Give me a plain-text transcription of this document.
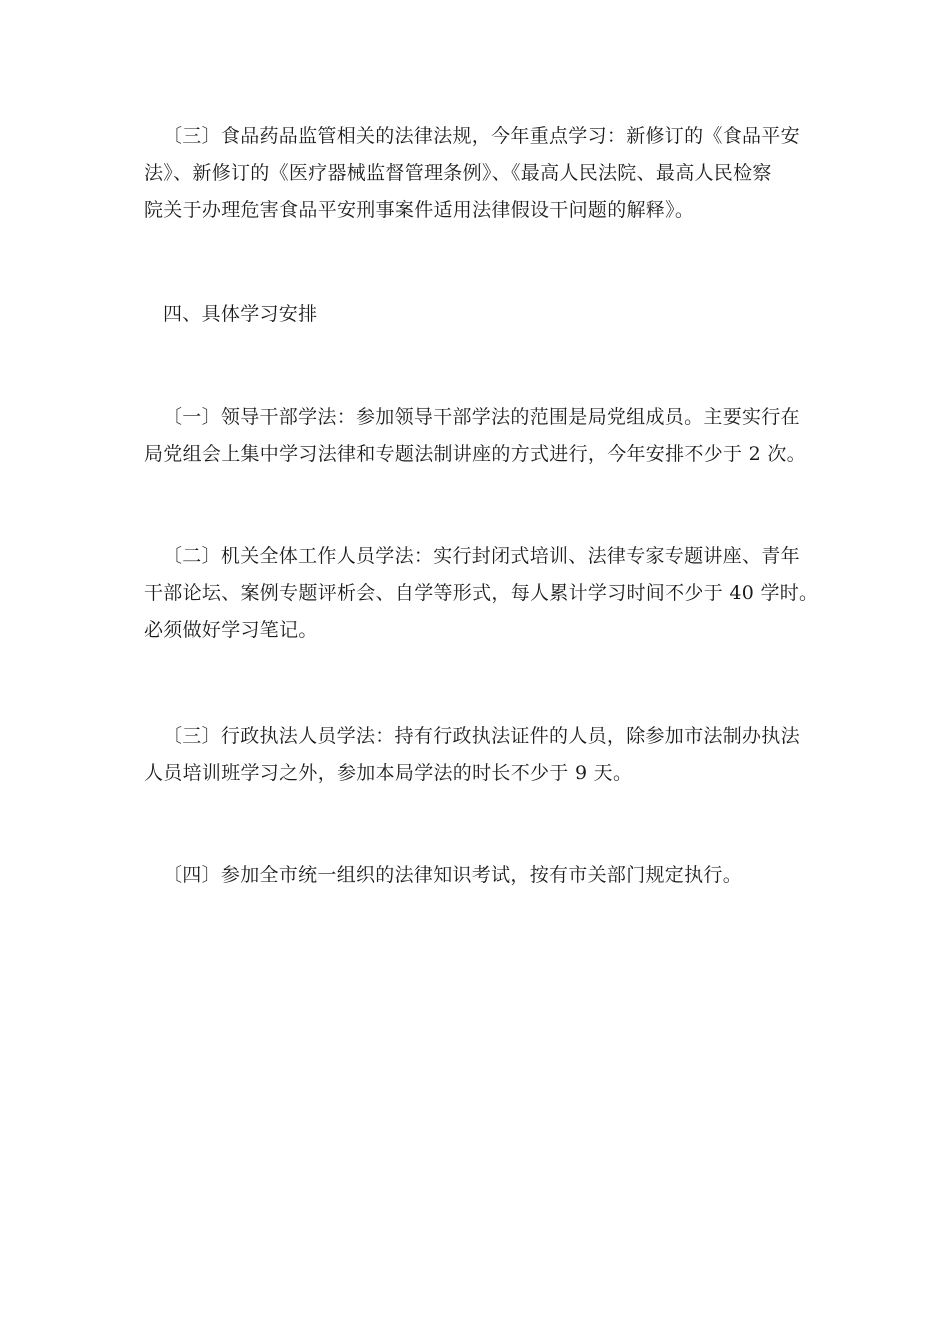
〔三〕食品药品监管相关的法律法规，今年重点学习：新修订的《食品平安
法》、新修订的《医疗器械监督管理条例》、《最高人民法院、最高人民检察
院关于办理危害食品平安刑事案件适用法律假设干问题的解释》。

四、具体学习安排

〔一〕领导干部学法：参加领导干部学法的范围是局党组成员。主要实行在
局党组会上集中学习法律和专题法制讲座的方式进行，今年安排不少于 2 次。

〔二〕机关全体工作人员学法：实行封闭式培训、法律专家专题讲座、青年
干部论坛、案例专题评析会、自学等形式，每人累计学习时间不少于 40 学时。
必须做好学习笔记。

〔三〕行政执法人员学法：持有行政执法证件的人员，除参加市法制办执法
人员培训班学习之外，参加本局学法的时长不少于 9 天。

〔四〕参加全市统一组织的法律知识考试，按有市关部门规定执行。
